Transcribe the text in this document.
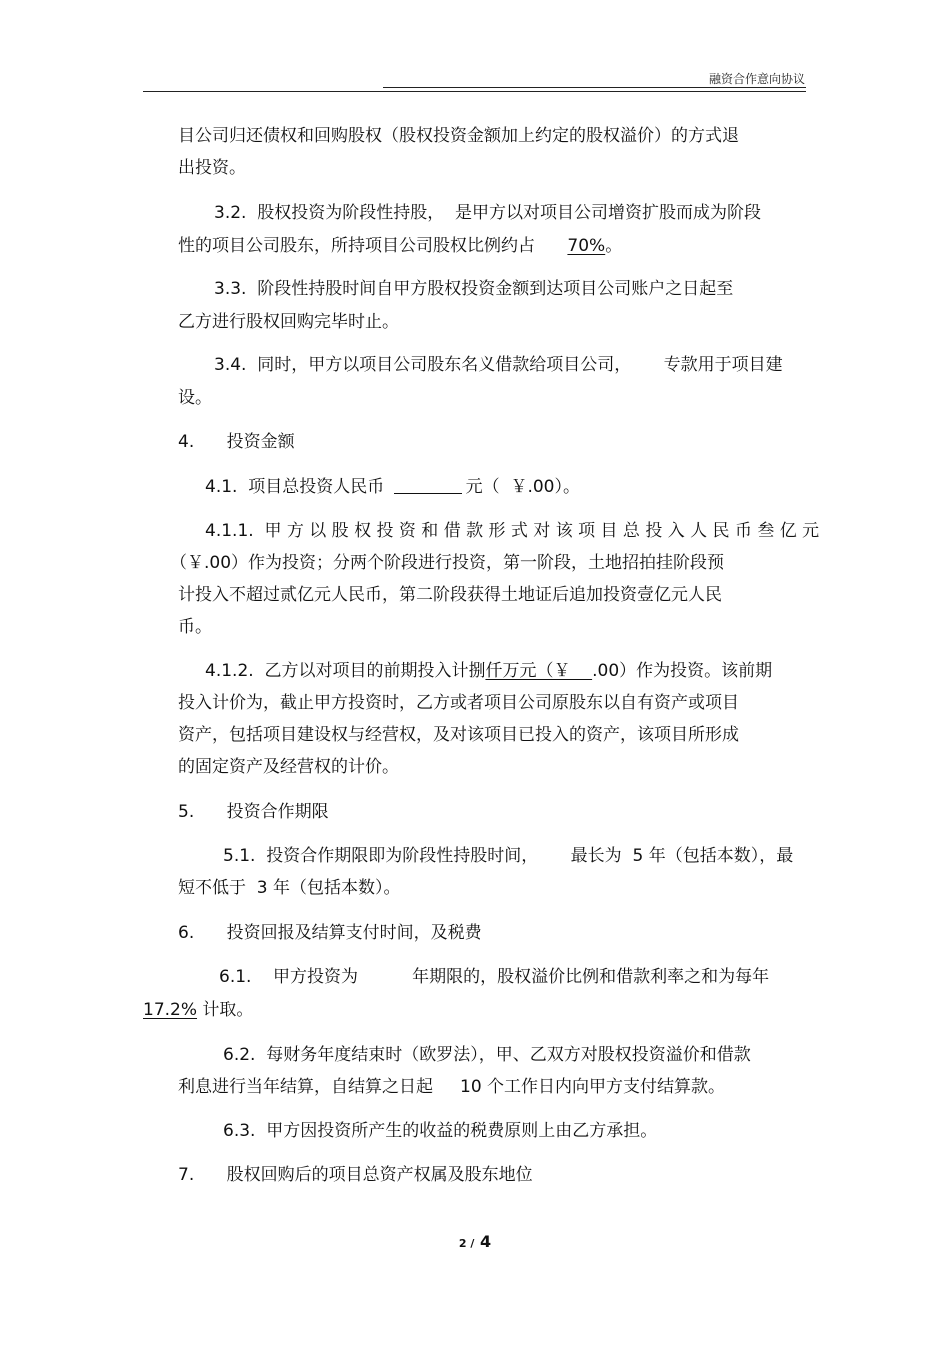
融资合作意向协议
目公司归还债权和回购股权（股权投资金额加上约定的股权溢价）的方式退
出投资。
3.2.  股权投资为阶段性持股，  是甲方以对项目公司增资扩股而成为阶段
性的项目公司股东，所持项目公司股权比例约占      70%。
3.3.  阶段性持股时间自甲方股权投资金额到达项目公司账户之日起至
乙方进行股权回购完毕时止。
3.4.  同时，甲方以项目公司股东名义借款给项目公司，      专款用于项目建
设。
4.      投资金额
4.1.  项目总投资人民币	元（  ￥.00）。
4.1.1.  甲 方 以 股 权 投 资 和 借 款 形 式 对 该 项 目 总 投 入 人 民 币 叁 亿 元
（￥.00）作为投资；分两个阶段进行投资，第一阶段，土地招拍挂阶段预
计投入不超过贰亿元人民币，第二阶段获得土地证后追加投资壹亿元人民
币。
4.1.2.  乙方以对项目的前期投入计捌仟万元（￥    .00）作为投资。该前期
投入计价为，截止甲方投资时，乙方或者项目公司原股东以自有资产或项目
资产，包括项目建设权与经营权，及对该项目已投入的资产，该项目所形成
的固定资产及经营权的计价。
5.      投资合作期限
5.1.  投资合作期限即为阶段性持股时间，      最长为  5 年（包括本数），最
短不低于  3 年（包括本数）。
6.      投资回报及结算支付时间，及税费
6.1.    甲方投资为          年期限的，股权溢价比例和借款利率之和为每年
17.2% 计取。
6.2.  每财务年度结束时（欧罗法），甲、乙双方对股权投资溢价和借款
利息进行当年结算，自结算之日起     10 个工作日内向甲方支付结算款。
6.3.  甲方因投资所产生的收益的税费原则上由乙方承担。
7.      股权回购后的项目总资产权属及股东地位
2 / 4
